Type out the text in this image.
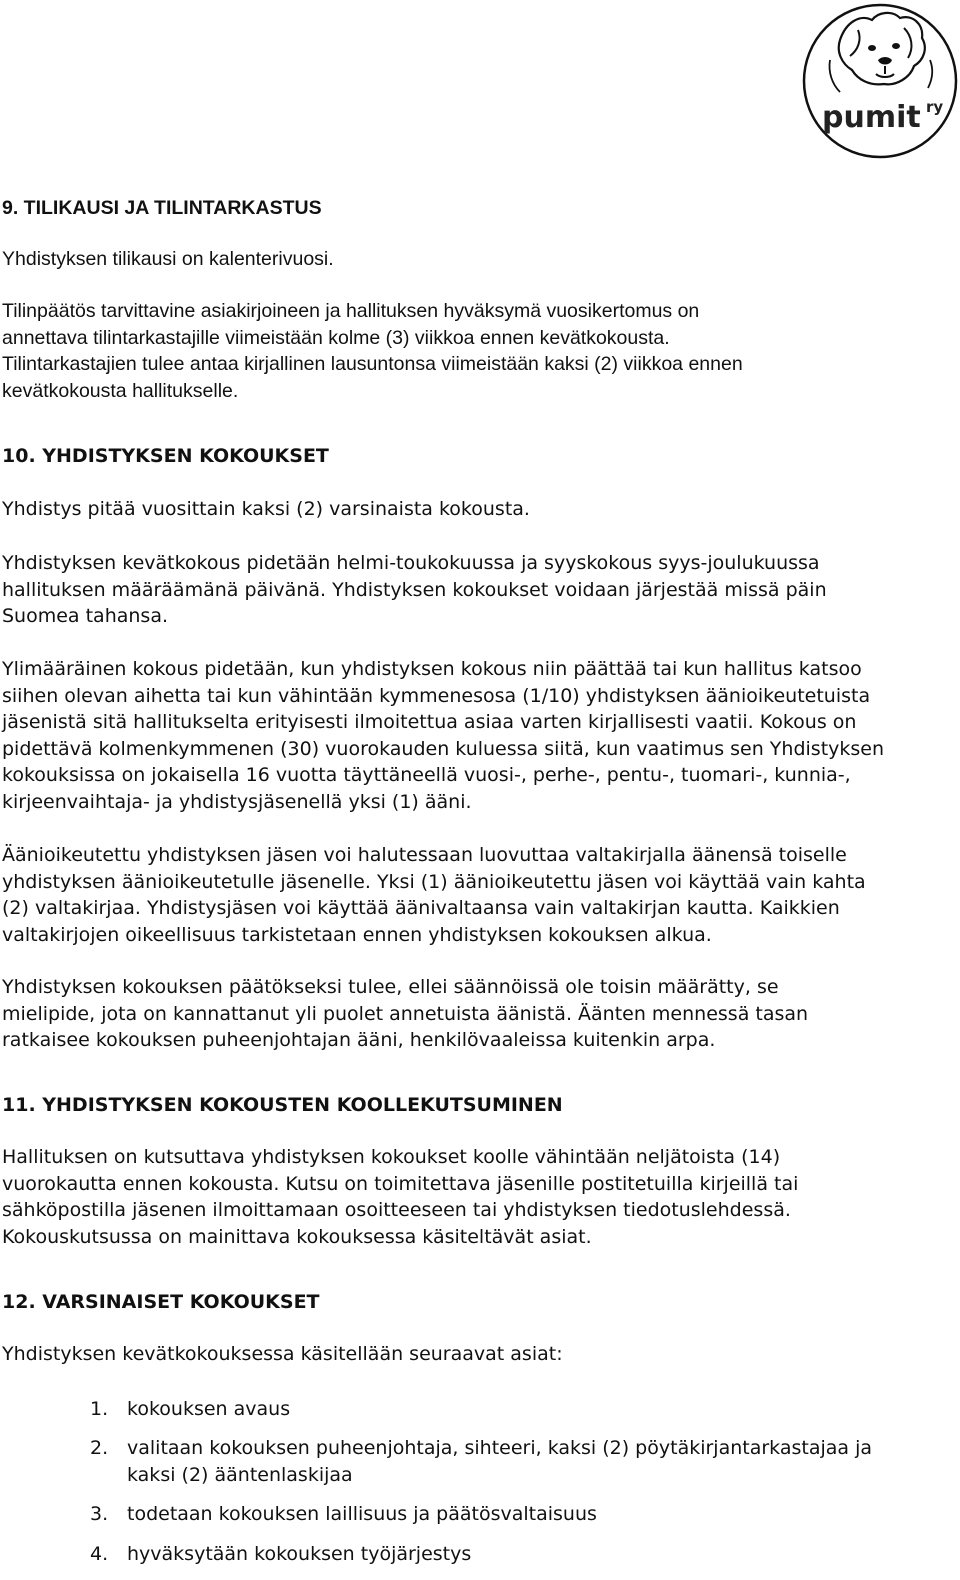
pumit ry
9. TILIKAUSI JA TILINTARKASTUS

Yhdistyksen tilikausi on kalenterivuosi.

Tilinpäätös tarvittavine asiakirjoineen ja hallituksen hyväksymä vuosikertomus on
annettava tilintarkastajille viimeistään kolme (3) viikkoa ennen kevätkokousta.
Tilintarkastajien tulee antaa kirjallinen lausuntonsa viimeistään kaksi (2) viikkoa ennen
kevätkokousta hallitukselle.

10. YHDISTYKSEN KOKOUKSET

Yhdistys pitää vuosittain kaksi (2) varsinaista kokousta.

Yhdistyksen kevätkokous pidetään helmi-toukokuussa ja syyskokous syys-joulukuussa
hallituksen määräämänä päivänä. Yhdistyksen kokoukset voidaan järjestää missä päin
Suomea tahansa.

Ylimääräinen kokous pidetään, kun yhdistyksen kokous niin päättää tai kun hallitus katsoo
siihen olevan aihetta tai kun vähintään kymmenesosa (1/10) yhdistyksen äänioikeutetuista
jäsenistä sitä hallitukselta erityisesti ilmoitettua asiaa varten kirjallisesti vaatii. Kokous on
pidettävä kolmenkymmenen (30) vuorokauden kuluessa siitä, kun vaatimus sen Yhdistyksen
kokouksissa on jokaisella 16 vuotta täyttäneellä vuosi-, perhe-, pentu-, tuomari-, kunnia-,
kirjeenvaihtaja- ja yhdistysjäsenellä yksi (1) ääni.

Äänioikeutettu yhdistyksen jäsen voi halutessaan luovuttaa valtakirjalla äänensä toiselle
yhdistyksen äänioikeutetulle jäsenelle. Yksi (1) äänioikeutettu jäsen voi käyttää vain kahta
(2) valtakirjaa. Yhdistysjäsen voi käyttää äänivaltaansa vain valtakirjan kautta. Kaikkien
valtakirjojen oikeellisuus tarkistetaan ennen yhdistyksen kokouksen alkua.

Yhdistyksen kokouksen päätökseksi tulee, ellei säännöissä ole toisin määrätty, se
mielipide, jota on kannattanut yli puolet annetuista äänistä. Äänten mennessä tasan
ratkaisee kokouksen puheenjohtajan ääni, henkilövaaleissa kuitenkin arpa.

11. YHDISTYKSEN KOKOUSTEN KOOLLEKUTSUMINEN

Hallituksen on kutsuttava yhdistyksen kokoukset koolle vähintään neljätoista (14)
vuorokautta ennen kokousta. Kutsu on toimitettava jäsenille postitetuilla kirjeillä tai
sähköpostilla jäsenen ilmoittamaan osoitteeseen tai yhdistyksen tiedotuslehdessä.
Kokouskutsussa on mainittava kokouksessa käsiteltävät asiat.

12. VARSINAISET KOKOUKSET

Yhdistyksen kevätkokouksessa käsitellään seuraavat asiat:

1. kokouksen avaus
2. valitaan kokouksen puheenjohtaja, sihteeri, kaksi (2) pöytäkirjantarkastajaa ja
kaksi (2) ääntenlaskijaa
3. todetaan kokouksen laillisuus ja päätösvaltaisuus
4. hyväksytään kokouksen työjärjestys
